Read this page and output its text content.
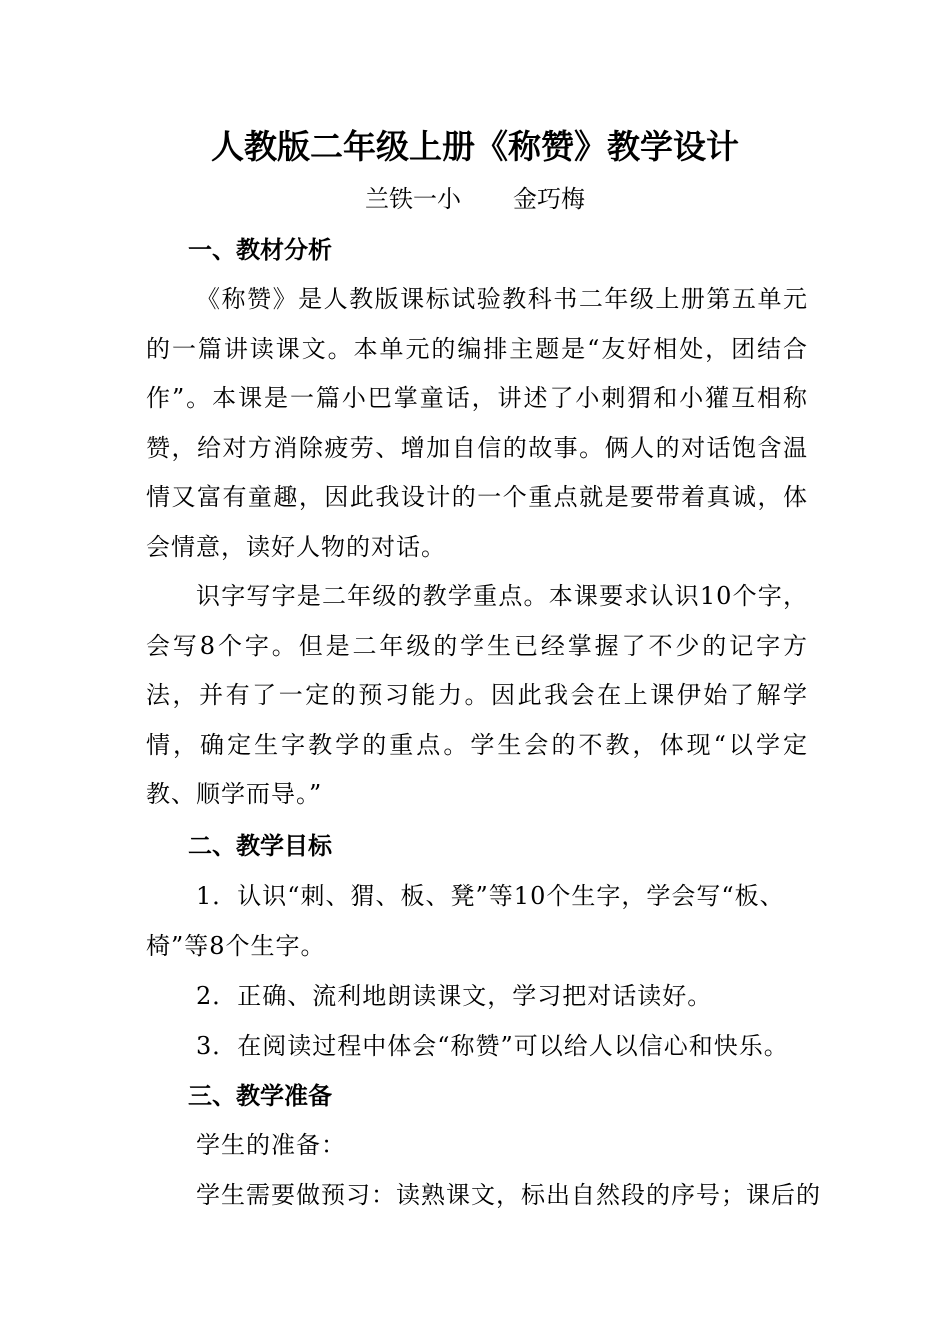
人教版二年级上册《称赞》教学设计
兰铁一小 金巧梅
一、教材分析

《称赞》是人教版课标试验教科书二年级上册第五单元的一篇讲读课文。本单元的编排主题是“友好相处，团结合作”。本课是一篇小巴掌童话，讲述了小刺猬和小獾互相称赞，给对方消除疲劳、增加自信的故事。俩人的对话饱含温情又富有童趣，因此我设计的一个重点就是要带着真诚，体会情意，读好人物的对话。

识字写字是二年级的教学重点。本课要求认识10个字，会写8个字。但是二年级的学生已经掌握了不少的记字方法，并有了一定的预习能力。因此我会在上课伊始了解学情，确定生字教学的重点。学生会的不教，体现“以学定教、顺学而导。”

二、教学目标

1．认识“刺、猬、板、凳”等10个生字，学会写“板、椅”等8个生字。

2．正确、流利地朗读课文，学习把对话读好。
3．在阅读过程中体会“称赞”可以给人以信心和快乐。
三、教学准备
学生的准备：
学生需要做预习：读熟课文，标出自然段的序号；课后的
